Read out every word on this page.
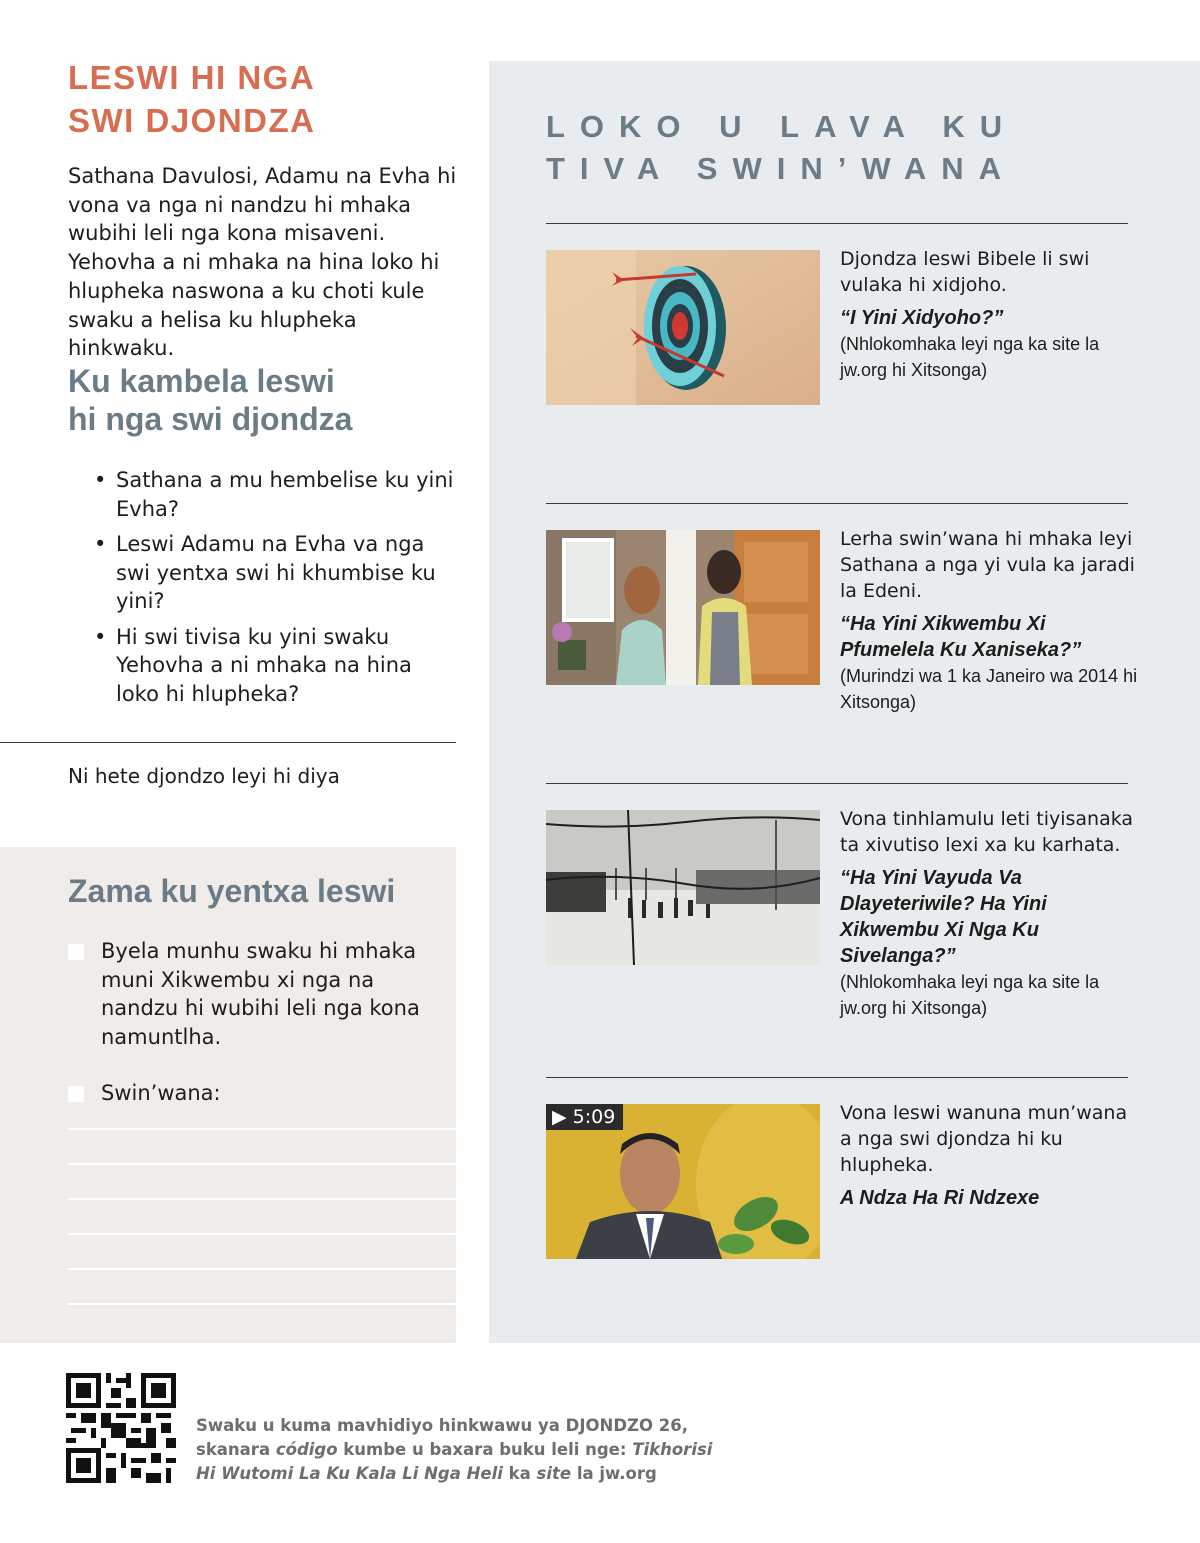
LESWI HI NGA
SWI DJONDZA
Sathana Davulosi, Adamu na Evha hi vona va nga ni nandzu hi mhaka wubihi leli nga kona misaveni. Yehovha a ni mhaka na hina loko hi hlupheka naswona a ku choti kule swaku a helisa ku hlupheka hinkwaku.
Ku kambela leswi
hi nga swi djondza
• Sathana a mu hembelise ku yini Evha?
• Leswi Adamu na Evha va nga swi yentxa swi hi khumbise ku yini?
• Hi swi tivisa ku yini swaku Yehovha a ni mhaka na hina loko hi hlupheka?
Ni hete djondzo leyi hi diya
Zama ku yentxa leswi
Byela munhu swaku hi mhaka muni Xikwembu xi nga na nandzu hi wubihi leli nga kona namuntlha.
Swin’wana:
LOKO U LAVA KU
TIVA SWIN’WANA
Djondza leswi Bibele li swi vulaka hi xidjoho.
“I Yini Xidyoho?”
(Nhlokomhaka leyi nga ka site la jw.org hi Xitsonga)
Lerha swin’wana hi mhaka leyi Sathana a nga yi vula ka jaradi la Edeni.
“Ha Yini Xikwembu Xi Pfumelela Ku Xaniseka?”
(Murindzi wa 1 ka Janeiro wa 2014 hi Xitsonga)
Vona tinhlamulu leti tiyisanaka ta xivutiso lexi xa ku karhata.
“Ha Yini Vayuda Va Dlayeteriwile? Ha Yini Xikwembu Xi Nga Ku Sivelanga?”
(Nhlokomhaka leyi nga ka site la jw.org hi Xitsonga)
▶ 5:09	Vona leswi wanuna mun’wana a nga swi djondza hi ku hlupheka.
A Ndza Ha Ri Ndzexe
Swaku u kuma mavhidiyo hinkwawu ya DJONDZO 26, skanara código kumbe u baxara buku leli nge: Tikhorisi Hi Wutomi La Ku Kala Li Nga Heli ka site la jw.org
